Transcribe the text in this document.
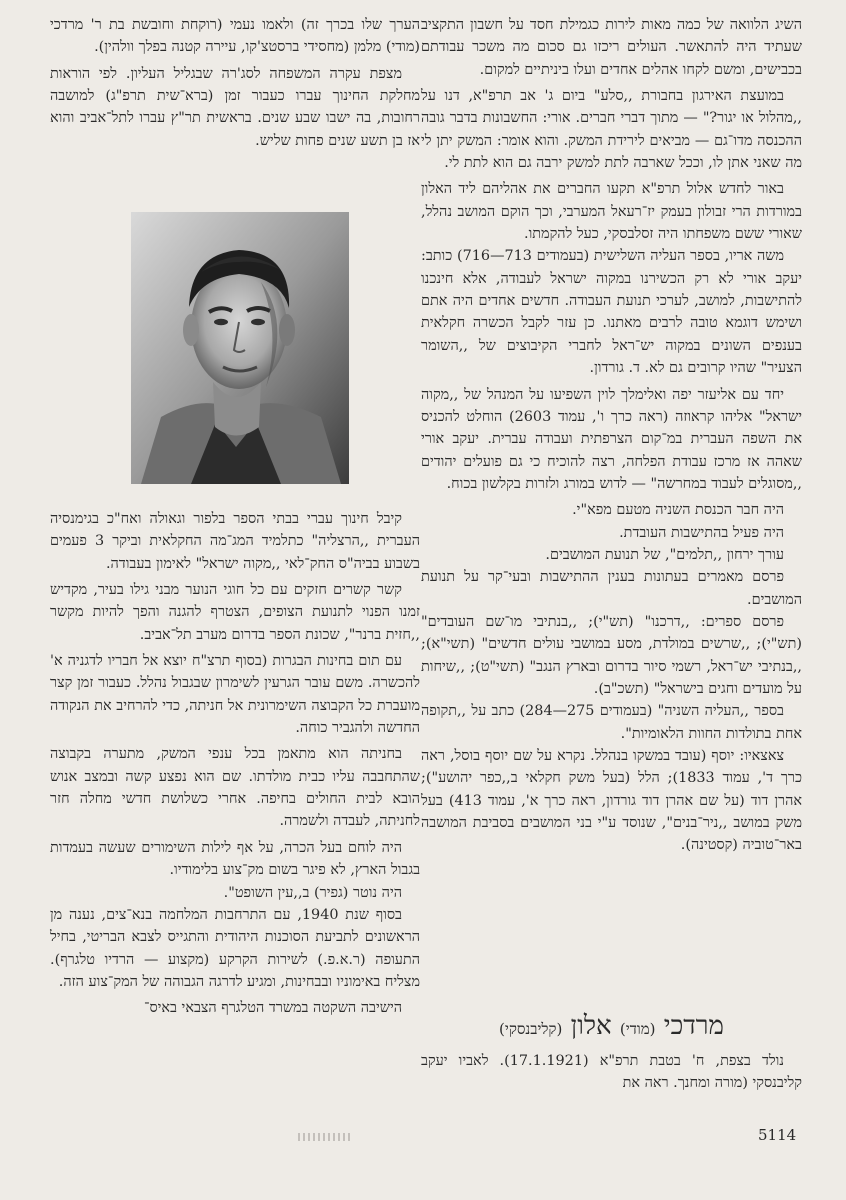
השיג הלוואה של כמה מאות לירות כגמילת חסד על חשבון התקציב שעתיד היה להתאשר. העולים ריכזו גם סכום מה משכר עבודתם בכבישים, ומשם לקחו אהלים אחדים ועלו ביניתיים למקום.

במועצת האירגון בחבורת ,,סלע" ביום ג' אב תרפ"א, דנו על ,,מהלול או יגור?" — מתוך דברי חברים. אורי: החשבונות בדבר גובה ההכנסה מדו־גם — מביאים לירידת המשק. והוא אומר: המשק יתן לי מה שאני אתן לו, וככל שארבה לתת למשק ירבה גם הוא לתת לי.

באור לחדש אלול תרפ"א תקעו החברים את אהליהם ליד האלון במורדות הרי זבולון בעמק יז־רעאל המערבי, וכך הוקם המושב נהלל, שאורי ששם משפחתו היה זסלבסקי, כעל להקמתו.

משה אריו, בספר העליה השלישית (בעמודים 713—716) כותב: יעקב אורי לא רק הכשירנו במקוה ישראל לעבודה, אלא חינכנו להתישבות, למושב, לערכי תנועת העבודה. חדשים אחדים היה אתם ושימש דוגמא טובה לרבים מאתנו. כן עזר לקבל הכשרה חקלאית בענפים השונים במקוה יש־ראל לחברי הקיבוצים של ,,השומר הצעיר" שהיו קרובים גם לא. ד. גורדון.

יחד עם אליעזר יפה ואלימלך לוין השפיעו על המנהל של ,,מקוה ישראל" אליהו קראוזה (ראה כרך ו', עמוד 2603) הוחלט להכניס את השפה העברית במ־קום הצרפתית ועבודה עברית. יעקב אורי שאהה אז מרכז עבודת הפלחה, רצה להוכיח כי גם פועלים יהודים ,,מסוגלים לעבוד במחרשה" — לדוש במורג ולזרות בקלשון בכוח.

היה חבר הכנסת השניה מטעם מפא"י.

היה פעיל בהתישבות העובדת.

עורך ירחון ,,תלמים", של תנועת המושבים.

פרסם מאמרים בעתונות בענין ההתישבות ובעי־קר על תנועת המושבים.

פרסם ספרים: ,,דרכנו" (תש"י); ,,בנתיבי מו־שם העובדים" (תש"י); ,,שרשים במולדת, מסע במושבי עולים חדשים" (תשי"א); ,,בנתיבי יש־ראל, רשמי סיור בדרום ובארץ הנגב" (תשי"ט); ,,שיחות על מועדים וחגים בישראל" (תשכ"ב).

בספר ,,העליה השניה" (בעמודים 275—284) כתב על ,,תקופה אחת בתולדות החוות הלאומיות".

צאצאיו: יוסף (עובד במשקו בנהלל. נקרא על שם יוסף בוסל, ראה כרך ד', עמוד 1833); הלל (בעל משק חקלאי ב,,כפר יהושע"); אהרן דוד (על שם אהרן דוד גורדון, ראה כרך א', עמוד 413) בעל משק במושב ,,ניר־בנים", שנוסד ע"י בני המושבים בסביבת המושבה באר־טוביה (קסטינה).

הערך שלו בכרך זה) ולאמו נעמי (רוקחת וחובשת בת ר' מרדכי (מודי) מלמן (מחסידי ברסטצ'קו, עיירה קטנה בפלך וולהין).

מצפת עקרה המשפחה לסג'רה שבגליל העליון. לפי הוראות מחלקת החינוך עברו כעבור זמן (ברא־שית תרפ"ג) למושבה רחובות, בה ישבו שבע שנים. בראשית תר"ץ עברו לתל־אביב והוא אז בן תשע שנים פחות שליש.

קיבל חינוך עברי בבתי הספר בלפור וגאולה ואח"כ בגימנסיה העברית ,,הרצליה" כתלמיד המג־מה החקלאית וביקר 3 פעמים בשבוע בביה"ס החק־לאי ,,מקוה ישראל" לאימון בעבודה.

קשר קשרים חזקים עם כל חוגי הנוער מבני גילו בעיר, מקדיש זמנו הפנוי לתנועת הצופים, הצטרף להגנה והפך להיות מקשר ,,חזית ברנר", שכונת הספר בדרום מערב תל־אביב.

עם תום בחינות הבגרות (בסוף תרצ"ח יוצא אל חבריו לדגניה א' להכשרה. משם עובר הגרעין לשימרון שבגבול נהלל. כעבור זמן קצר מועברת כל הקבוצה השימרונית אל חניתה, כדי להרחיב את הנקודה החדשה ולהגביר כוחה.

בחניתה הוא מתאמן בכל ענפי המשק, מתערה בקבוצה שהתחבבה עליו כבית מולדתו. שם הוא נפצע קשה ובמצב אנוש הובא לבית החולים בחיפה. אחרי כשלושת חדשי מחלה חזר לחניתה, לעבדה ולשמרה.

היה לוחם בעל הכרה, על אף לילות השימורים שעשה בעמדות בגבול הארץ, לא פיגר בשום מק־צוע בלימודיו.

היה נוטר (גפיר) ב,,עין השופט".

בסוף שנת 1940, עם התרחבות המלחמה בנא־צים, נענה מן הראשונים לתביעת הסוכנות היהודית והתגייס לצבא הבריטי, בחיל התעופה (ר.א.פ.) לשירות הקרקע (מקצוע — הרדיו טלגרף). מצליח באימוניו ובבחינות, ומגיע לדרגה הגבוהה של המק־צוע הזה.

הישיבה השקטה במשרד הטלגרף הצבאי באיס־

מרדכי (מודי) אלון (קליבנסקי)

נולד בצפת, ח' בטבת תרפ"א (17.1.1921). לאביו יעקב קליבנסקי (מורה ומחנך. ראה את

5114
